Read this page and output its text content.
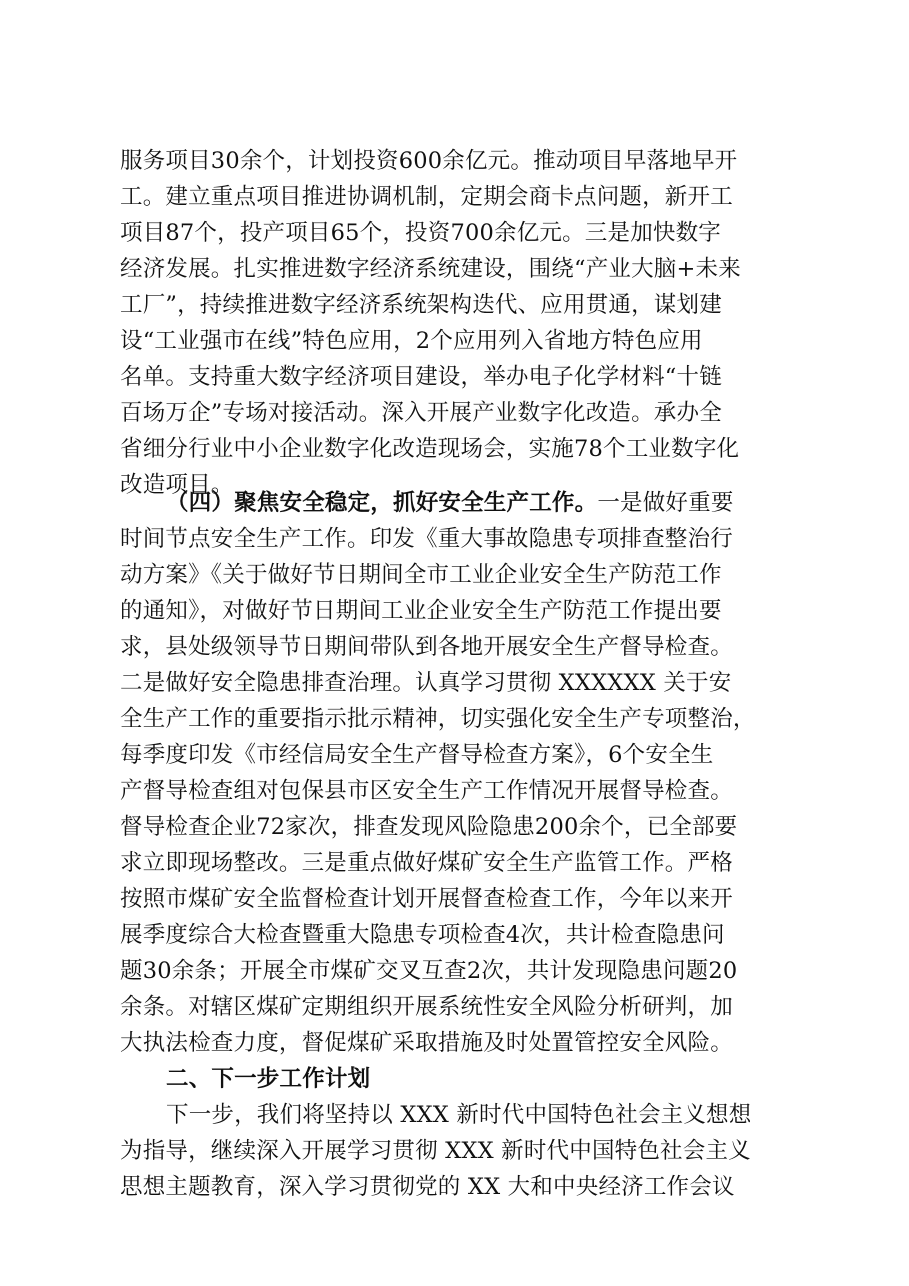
服务项目30余个，计划投资600余亿元。推动项目早落地早开
工。建立重点项目推进协调机制，定期会商卡点问题，新开工
项目87个，投产项目65个，投资700余亿元。三是加快数字
经济发展。扎实推进数字经济系统建设，围绕“产业大脑+未来
工厂”，持续推进数字经济系统架构迭代、应用贯通，谋划建
设“工业强市在线”特色应用，2个应用列入省地方特色应用
名单。支持重大数字经济项目建设，举办电子化学材料“十链
百场万企”专场对接活动。深入开展产业数字化改造。承办全
省细分行业中小企业数字化改造现场会，实施78个工业数字化
改造项目。
（四）聚焦安全稳定，抓好安全生产工作。一是做好重要
时间节点安全生产工作。印发《重大事故隐患专项排查整治行
动方案》《关于做好节日期间全市工业企业安全生产防范工作
的通知》，对做好节日期间工业企业安全生产防范工作提出要
求，县处级领导节日期间带队到各地开展安全生产督导检查。
二是做好安全隐患排查治理。认真学习贯彻 XXXXXX 关于安
全生产工作的重要指示批示精神，切实强化安全生产专项整治，
每季度印发《市经信局安全生产督导检查方案》，6个安全生
产督导检查组对包保县市区安全生产工作情况开展督导检查。
督导检查企业72家次，排查发现风险隐患200余个，已全部要
求立即现场整改。三是重点做好煤矿安全生产监管工作。严格
按照市煤矿安全监督检查计划开展督查检查工作，今年以来开
展季度综合大检查暨重大隐患专项检查4次，共计检查隐患问
题30余条；开展全市煤矿交叉互查2次，共计发现隐患问题20
余条。对辖区煤矿定期组织开展系统性安全风险分析研判，加
大执法检查力度，督促煤矿采取措施及时处置管控安全风险。
二、下一步工作计划
下一步，我们将坚持以 XXX 新时代中国特色社会主义想想
为指导，继续深入开展学习贯彻 XXX 新时代中国特色社会主义
思想主题教育，深入学习贯彻党的 XX 大和中央经济工作会议
